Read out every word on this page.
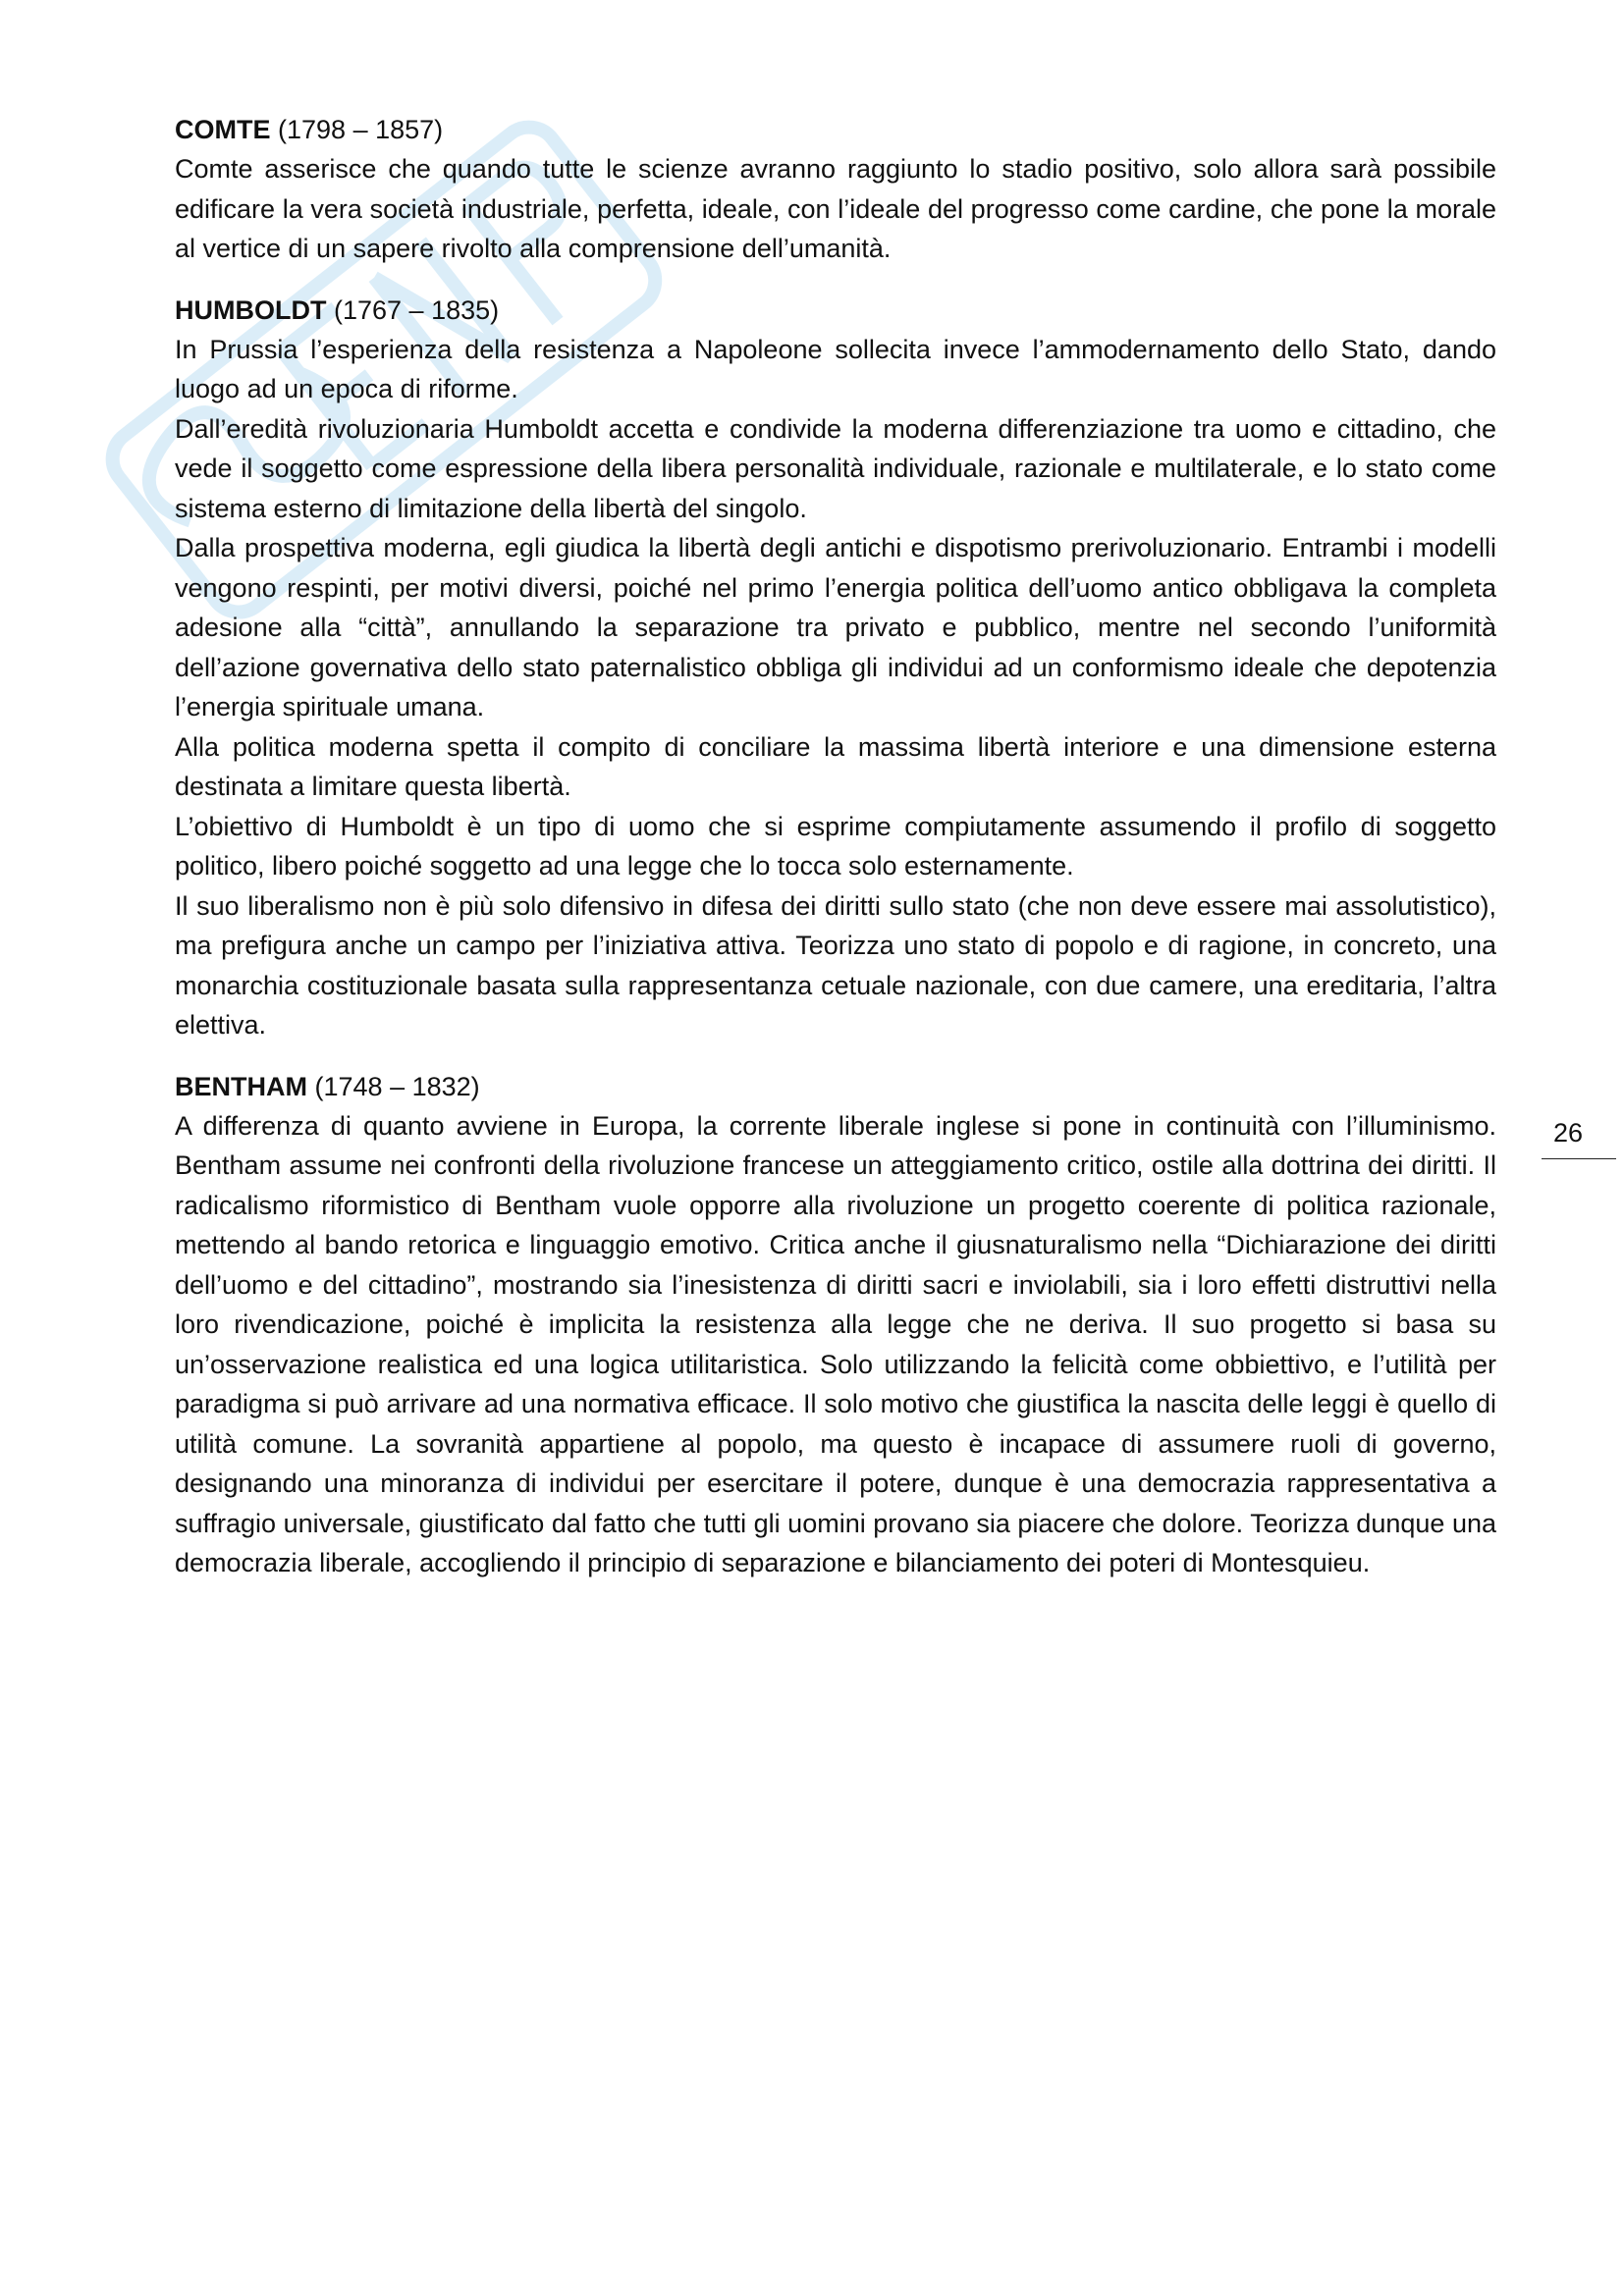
COMTE (1798 – 1857)

Comte asserisce che quando tutte le scienze avranno raggiunto lo stadio positivo, solo allora sarà possibile edificare la vera società industriale, perfetta, ideale, con l’ideale del progresso come cardine, che pone la morale al vertice di un sapere rivolto alla comprensione dell’umanità.

HUMBOLDT (1767 – 1835)

In Prussia l’esperienza della resistenza a Napoleone sollecita invece l’ammodernamento dello Stato, dando luogo ad un epoca di riforme.

Dall’eredità rivoluzionaria Humboldt accetta e condivide la moderna differenziazione tra uomo e cittadino, che vede il soggetto come espressione della libera personalità individuale, razionale e multilaterale, e lo stato come sistema esterno di limitazione della libertà del singolo.

Dalla prospettiva moderna, egli giudica la libertà degli antichi e dispotismo prerivoluzionario. Entrambi i modelli vengono respinti, per motivi diversi, poiché nel primo l’energia politica dell’uomo antico obbligava la completa adesione alla “città”, annullando la separazione tra privato e pubblico, mentre nel secondo l’uniformità dell’azione governativa dello stato paternalistico obbliga gli individui ad un conformismo ideale che depotenzia l’energia spirituale umana.

Alla politica moderna spetta il compito di conciliare la massima libertà interiore e una dimensione esterna destinata a limitare questa libertà.

L’obiettivo di Humboldt è un tipo di uomo che si esprime compiutamente assumendo il profilo di soggetto politico, libero poiché soggetto ad una legge che lo tocca solo esternamente.

Il suo liberalismo non è più solo difensivo in difesa dei diritti sullo stato (che non deve essere mai assolutistico), ma prefigura anche un campo per l’iniziativa attiva. Teorizza uno stato di popolo e di ragione, in concreto, una monarchia costituzionale basata sulla rappresentanza cetuale nazionale, con due camere, una ereditaria, l’altra elettiva.

BENTHAM (1748 – 1832)

A differenza di quanto avviene in Europa, la corrente liberale inglese si pone in continuità con l’illuminismo. Bentham assume nei confronti della rivoluzione francese un atteggiamento critico, ostile alla dottrina dei diritti. Il radicalismo riformistico di Bentham vuole opporre alla rivoluzione un progetto coerente di politica razionale, mettendo al bando retorica e linguaggio emotivo. Critica anche il giusnaturalismo nella “Dichiarazione dei diritti dell’uomo e del cittadino”, mostrando sia l’inesistenza di diritti sacri e inviolabili, sia i loro effetti distruttivi nella loro rivendicazione, poiché è implicita la resistenza alla legge che ne deriva. Il suo progetto si basa su un’osservazione realistica ed una logica utilitaristica. Solo utilizzando la felicità come obbiettivo, e l’utilità per paradigma si può arrivare ad una normativa efficace. Il solo motivo che giustifica la nascita delle leggi è quello di utilità comune. La sovranità appartiene al popolo, ma questo è incapace di assumere ruoli di governo, designando una minoranza di individui per esercitare il potere, dunque è una democrazia rappresentativa a suffragio universale, giustificato dal fatto che tutti gli uomini provano sia piacere che dolore. Teorizza dunque una democrazia liberale, accogliendo il principio di separazione e bilanciamento dei poteri di Montesquieu.

26
